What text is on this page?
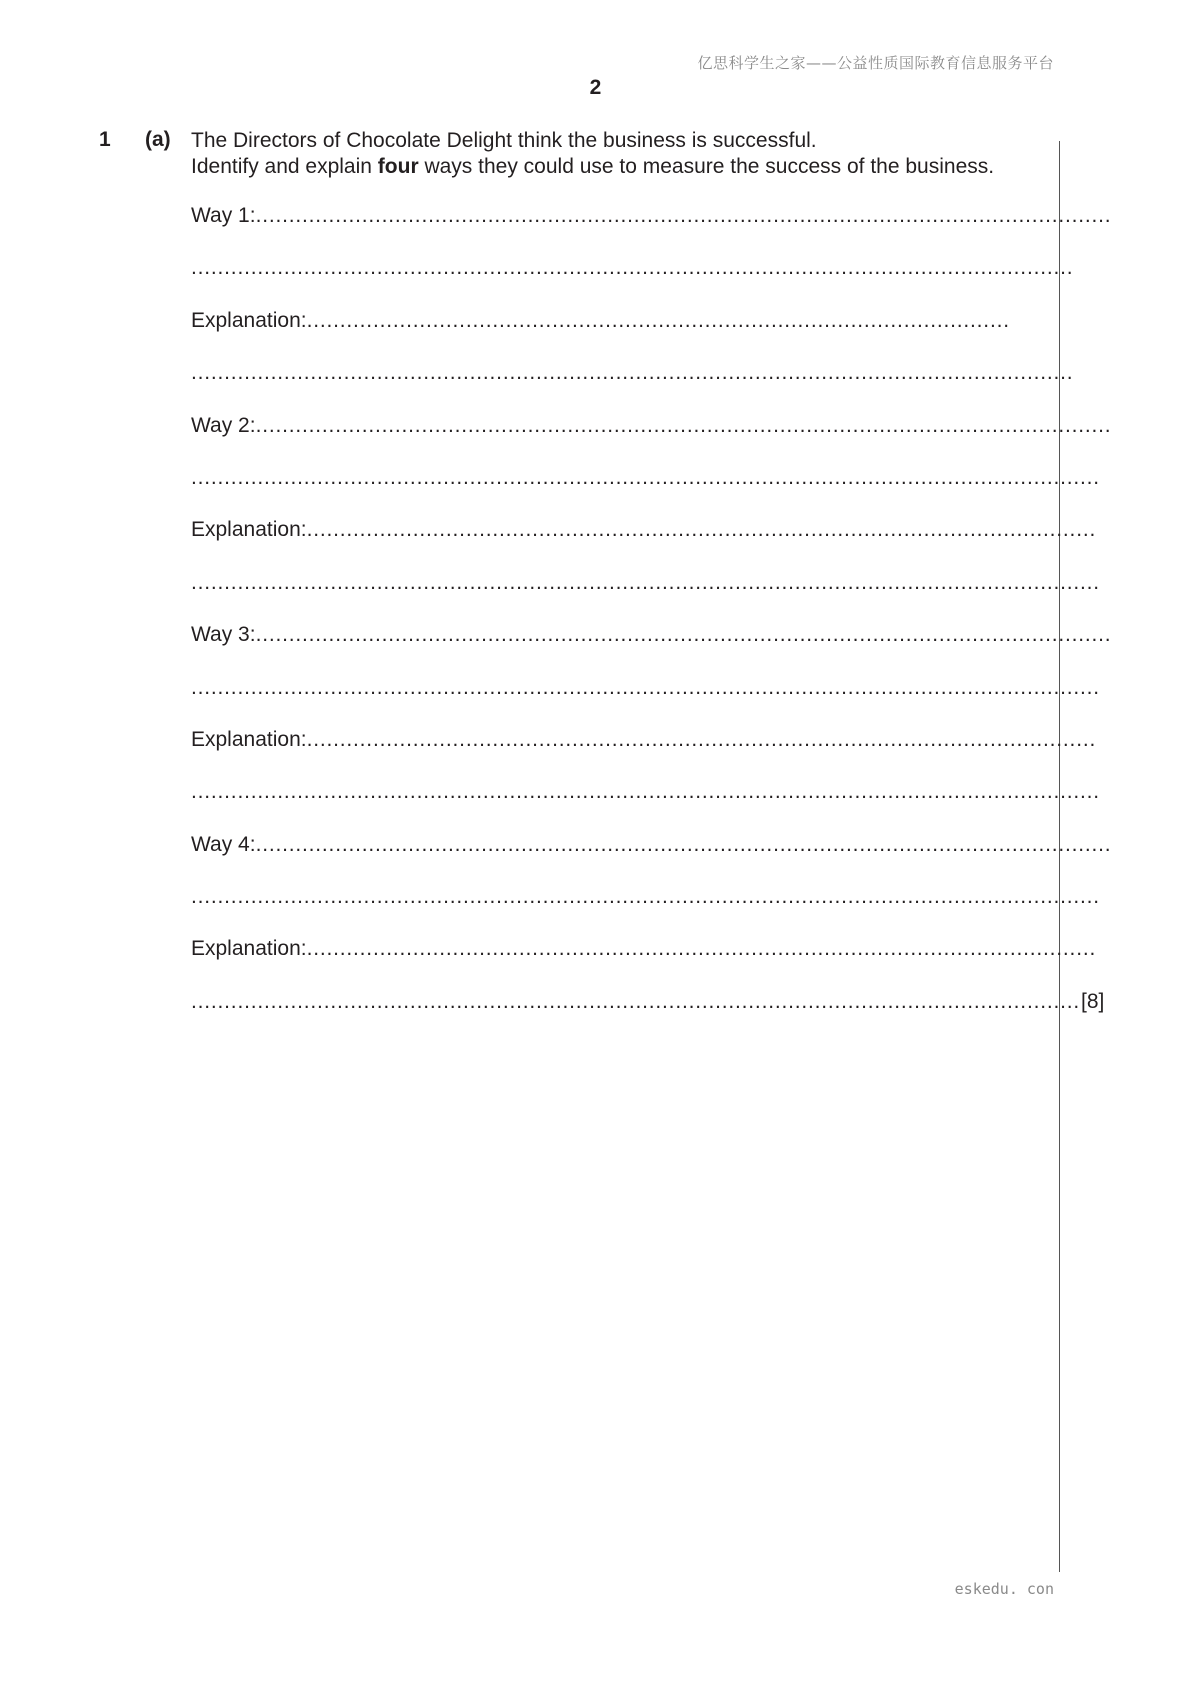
亿思科学生之家——公益性质国际教育信息服务平台
2
1 (a) The Directors of Chocolate Delight think the business is successful.
Identify and explain four ways they could use to measure the success of the business.
Way 1: .................................................................................................................................
.....................................................................................................................................
Explanation: ..........................................................................................................
.....................................................................................................................................
Way 2: .................................................................................................................................
.........................................................................................................................................
Explanation: .......................................................................................................................
.........................................................................................................................................
Way 3: .................................................................................................................................
.........................................................................................................................................
Explanation: .......................................................................................................................
.........................................................................................................................................
Way 4: .................................................................................................................................
.........................................................................................................................................
Explanation: .......................................................................................................................
...................................................................................................................................... [8]
eskedu. con
